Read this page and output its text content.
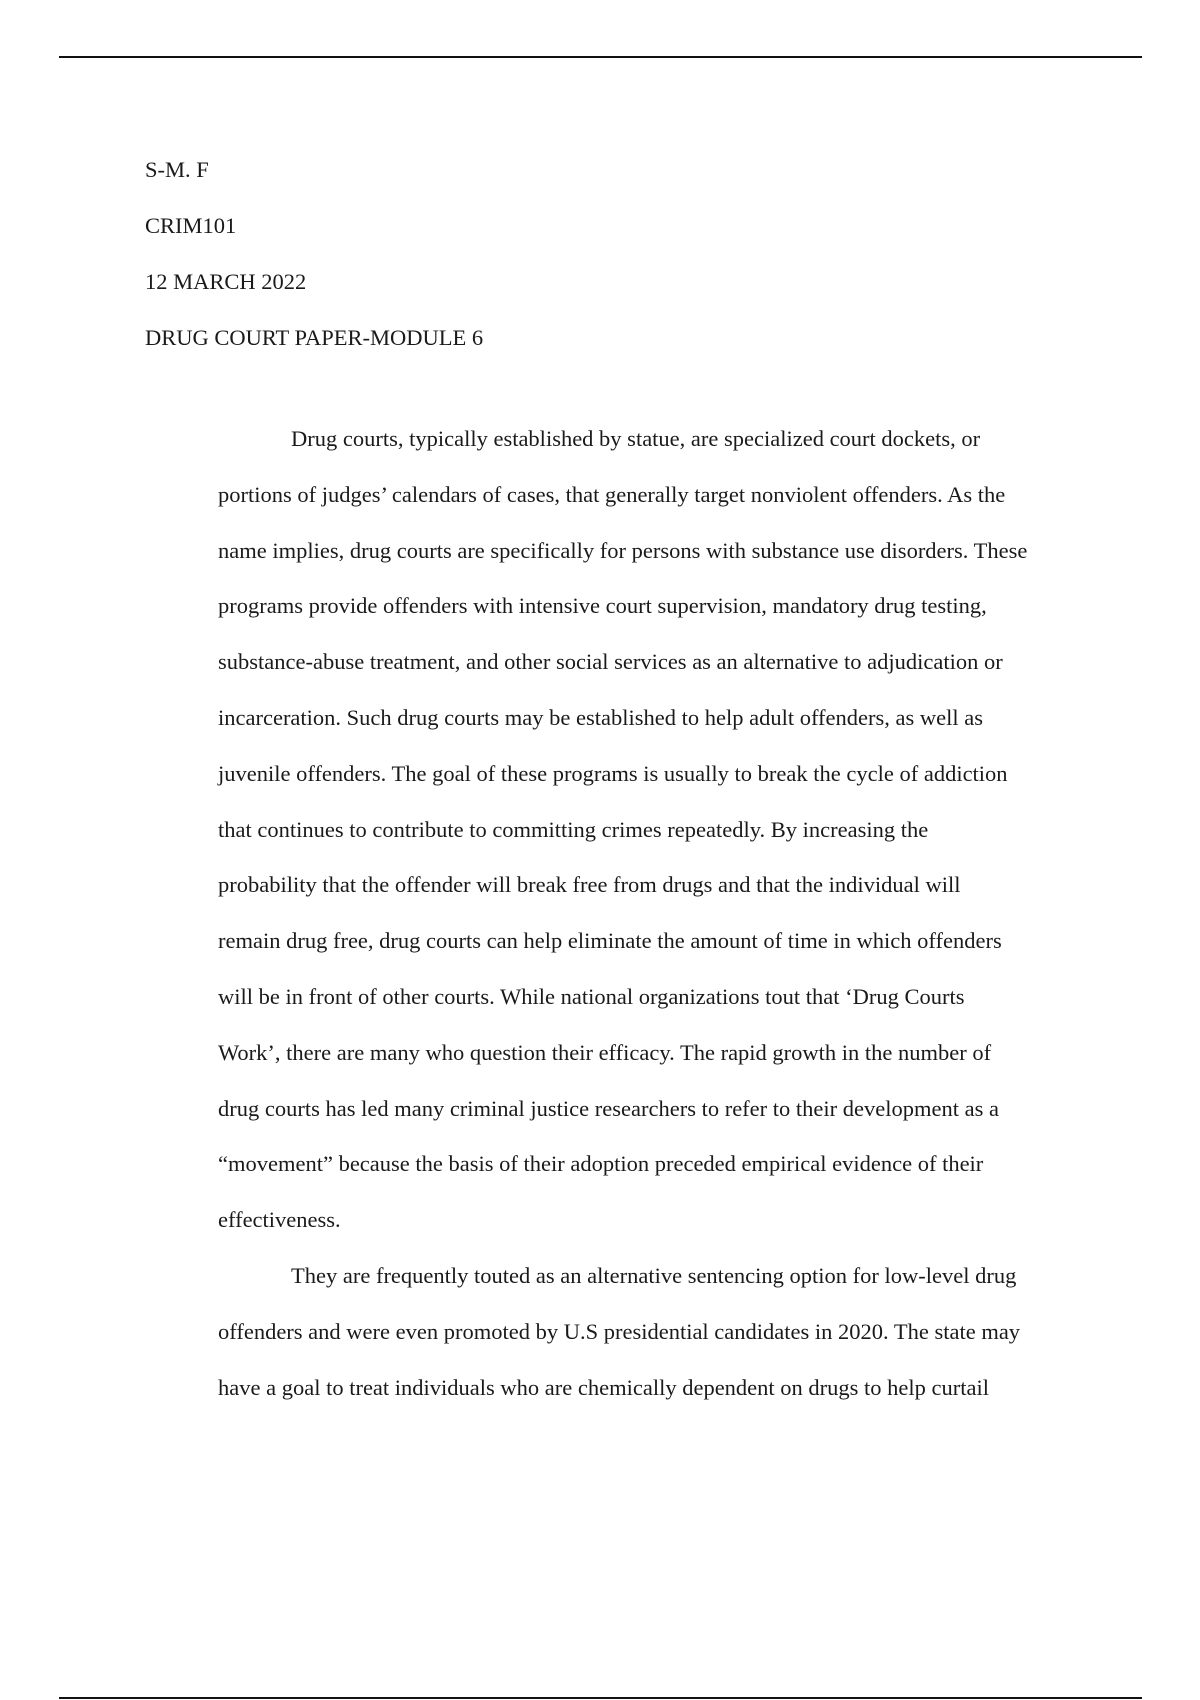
S-M. F
CRIM101
12 MARCH 2022
DRUG COURT PAPER-MODULE 6
Drug courts, typically established by statue, are specialized court dockets, or
portions of judges’ calendars of cases, that generally target nonviolent offenders. As the
name implies, drug courts are specifically for persons with substance use disorders. These
programs provide offenders with intensive court supervision, mandatory drug testing,
substance-abuse treatment, and other social services as an alternative to adjudication or
incarceration. Such drug courts may be established to help adult offenders, as well as
juvenile offenders. The goal of these programs is usually to break the cycle of addiction
that continues to contribute to committing crimes repeatedly. By increasing the
probability that the offender will break free from drugs and that the individual will
remain drug free, drug courts can help eliminate the amount of time in which offenders
will be in front of other courts. While national organizations tout that ‘Drug Courts
Work’, there are many who question their efficacy. The rapid growth in the number of
drug courts has led many criminal justice researchers to refer to their development as a
“movement” because the basis of their adoption preceded empirical evidence of their
effectiveness.
They are frequently touted as an alternative sentencing option for low-level drug
offenders and were even promoted by U.S presidential candidates in 2020. The state may
have a goal to treat individuals who are chemically dependent on drugs to help curtail
